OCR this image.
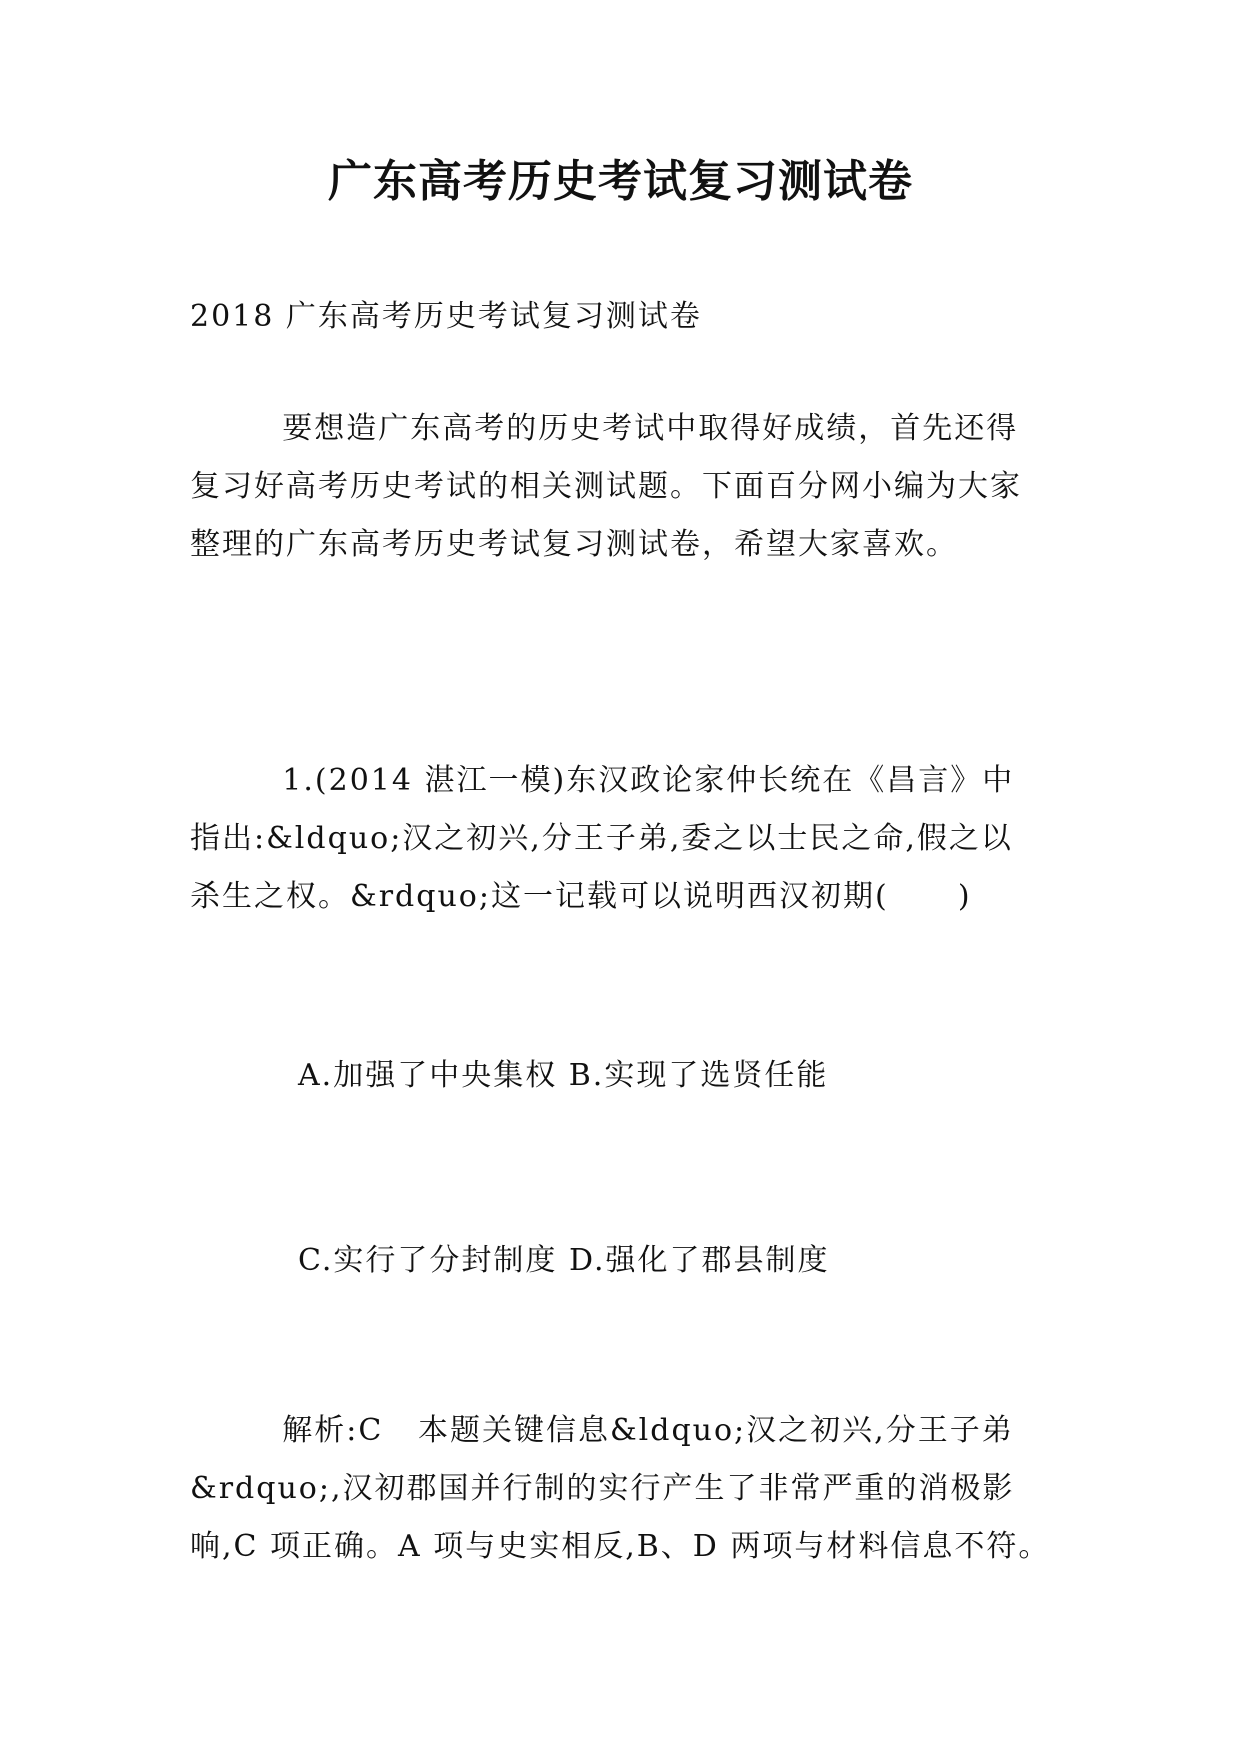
广东高考历史考试复习测试卷
2018 广东高考历史考试复习测试卷
要想造广东高考的历史考试中取得好成绩，首先还得
复习好高考历史考试的相关测试题。下面百分网小编为大家
整理的广东高考历史考试复习测试卷，希望大家喜欢。
1.(2014 湛江一模)东汉政论家仲长统在《昌言》中
指出:&ldquo;汉之初兴,分王子弟,委之以士民之命,假之以
杀生之权。&rdquo;这一记载可以说明西汉初期(      )
A.加强了中央集权 B.实现了选贤任能
C.实行了分封制度 D.强化了郡县制度
解析:C   本题关键信息&ldquo;汉之初兴,分王子弟
&rdquo;,汉初郡国并行制的实行产生了非常严重的消极影
响,C 项正确。A 项与史实相反,B、D 两项与材料信息不符。
